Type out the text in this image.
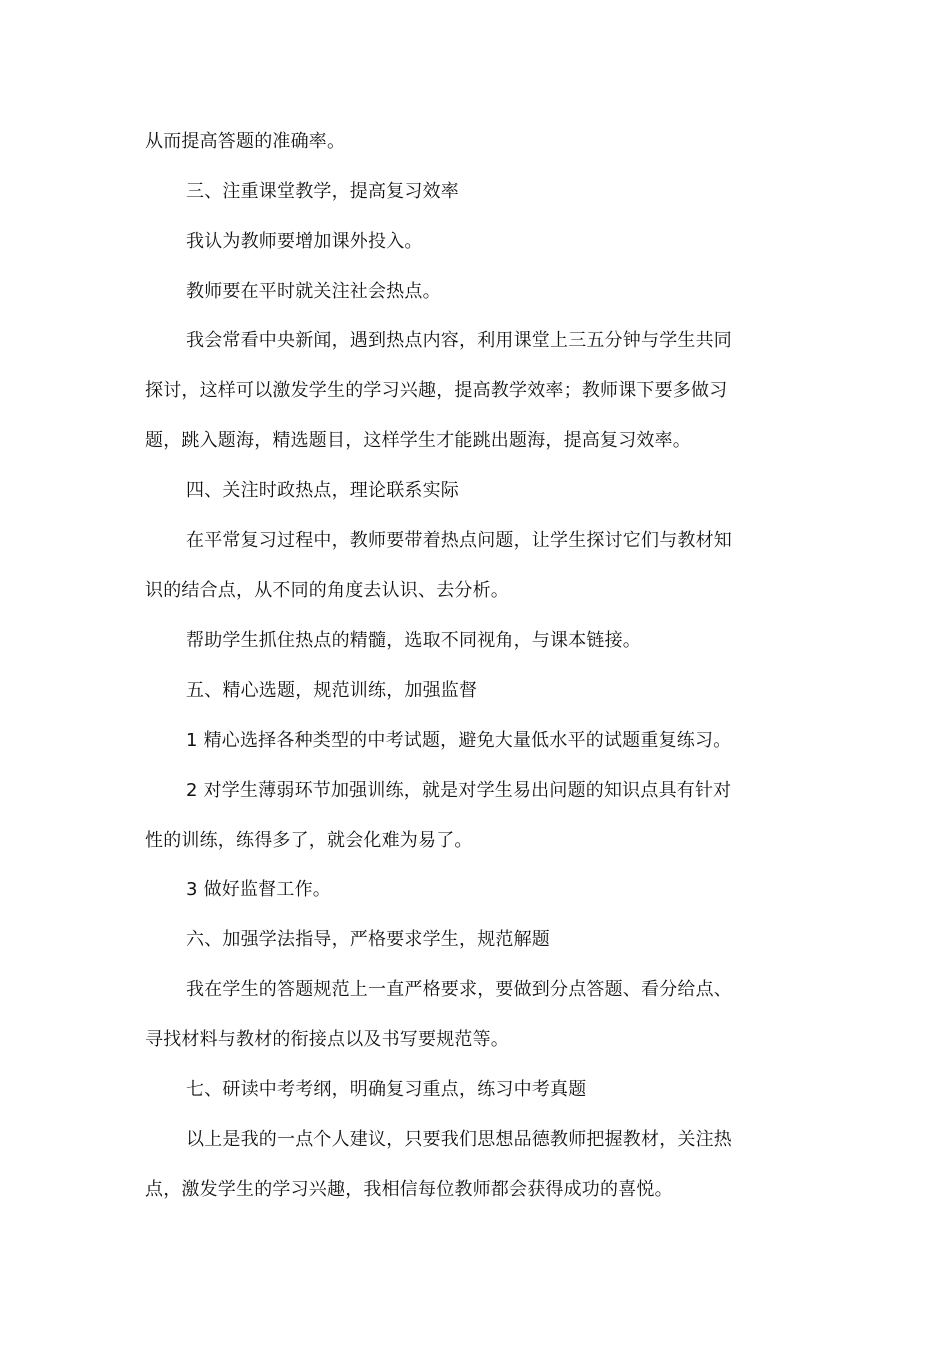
从而提高答题的准确率。
三、注重课堂教学，提高复习效率
我认为教师要增加课外投入。
教师要在平时就关注社会热点。
我会常看中央新闻，遇到热点内容，利用课堂上三五分钟与学生共同
探讨，这样可以激发学生的学习兴趣，提高教学效率；教师课下要多做习
题，跳入题海，精选题目，这样学生才能跳出题海，提高复习效率。
四、关注时政热点，理论联系实际
在平常复习过程中，教师要带着热点问题，让学生探讨它们与教材知
识的结合点，从不同的角度去认识、去分析。
帮助学生抓住热点的精髓，选取不同视角，与课本链接。
五、精心选题，规范训练，加强监督
1 精心选择各种类型的中考试题，避免大量低水平的试题重复练习。
2 对学生薄弱环节加强训练，就是对学生易出问题的知识点具有针对
性的训练，练得多了，就会化难为易了。
3 做好监督工作。
六、加强学法指导，严格要求学生，规范解题
我在学生的答题规范上一直严格要求，要做到分点答题、看分给点、
寻找材料与教材的衔接点以及书写要规范等。
七、研读中考考纲，明确复习重点，练习中考真题
以上是我的一点个人建议，只要我们思想品德教师把握教材，关注热
点，激发学生的学习兴趣，我相信每位教师都会获得成功的喜悦。
